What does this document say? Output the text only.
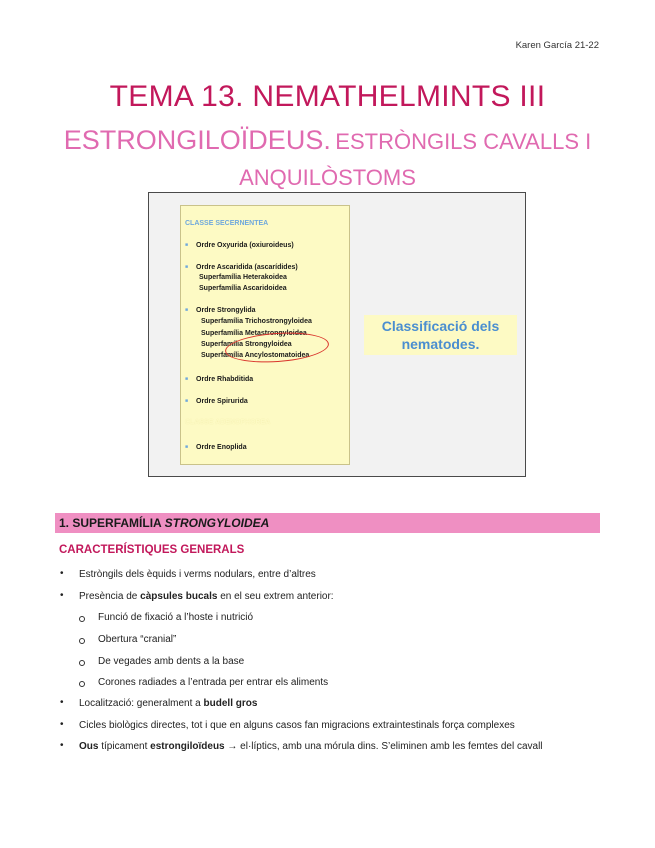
Karen García 21-22
TEMA 13. NEMATHELMINTS III
ESTRONGILOÏDEUS. ESTRÒNGILS CAVALLS I
ANQUILÒSTOMS
CLASSE SECERNENTEA
■ Ordre Oxyurida (oxiuroideus)
■ Ordre Ascaridida (ascarídides)
Superfamília Heterakoidea
Superfamília Ascaridoidea
■ Ordre Strongylida
Superfamília Trichostrongyloidea
Superfamília Metastrongyloidea
Superfamília Strongyloidea
Superfamília Ancylostomatoidea
■ Ordre Rhabditida
■ Ordre Spirurida
CLASSE ADENOPHOREA
■ Ordre Enoplida
Classificació dels nematodes.
1. SUPERFAMÍLIA STRONGYLOIDEA
CARACTERÍSTIQUES GENERALS
• Estròngils dels èquids i verms nodulars, entre d’altres
• Presència de càpsules bucals en el seu extrem anterior:
Funció de fixació a l’hoste i nutrició
Obertura “cranial”
De vegades amb dents a la base
Corones radiades a l’entrada per entrar els aliments
• Localització: generalment a budell gros
• Cicles biològics directes, tot i que en alguns casos fan migracions extraintestinals força complexes
• Ous típicament estrongiloïdeus → el·líptics, amb una mórula dins. S’eliminen amb les femtes del cavall
